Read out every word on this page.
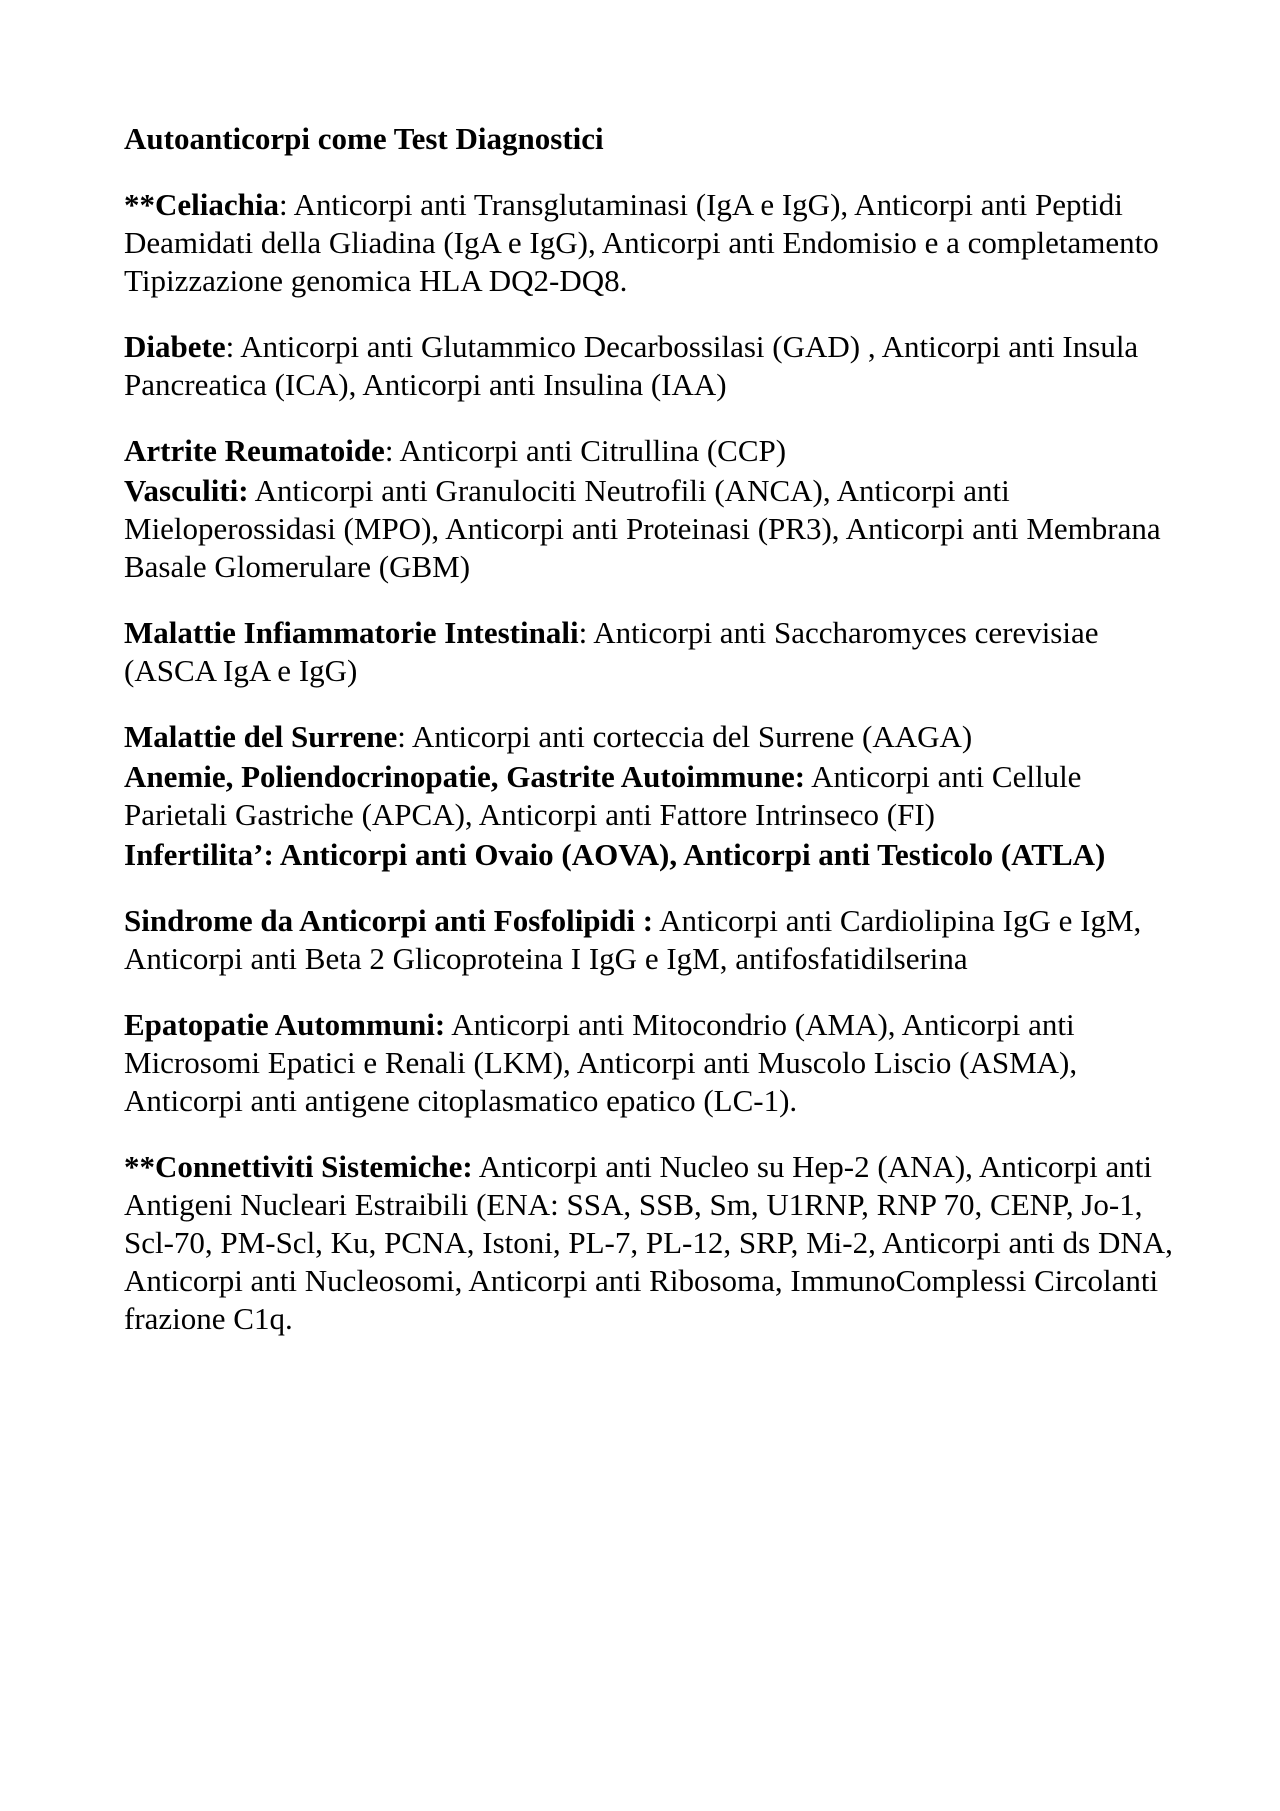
Autoanticorpi come Test Diagnostici

**Celiachia: Anticorpi anti Transglutaminasi (IgA e IgG), Anticorpi anti Peptidi Deamidati della Gliadina (IgA e IgG), Anticorpi anti Endomisio e a completamento Tipizzazione genomica HLA DQ2-DQ8.

Diabete: Anticorpi anti Glutammico Decarbossilasi (GAD) , Anticorpi anti Insula Pancreatica (ICA), Anticorpi anti Insulina (IAA)

Artrite Reumatoide: Anticorpi anti Citrullina (CCP)

Vasculiti: Anticorpi anti Granulociti Neutrofili (ANCA), Anticorpi anti Mieloperossidasi (MPO), Anticorpi anti Proteinasi (PR3), Anticorpi anti Membrana Basale Glomerulare (GBM)

Malattie Infiammatorie Intestinali: Anticorpi anti Saccharomyces cerevisiae (ASCA IgA e IgG)

Malattie del Surrene: Anticorpi anti corteccia del Surrene (AAGA)

Anemie, Poliendocrinopatie, Gastrite Autoimmune: Anticorpi anti Cellule Parietali Gastriche (APCA), Anticorpi anti Fattore Intrinseco (FI)

Infertilita’: Anticorpi anti Ovaio (AOVA), Anticorpi anti Testicolo (ATLA)

Sindrome da Anticorpi anti Fosfolipidi : Anticorpi anti Cardiolipina IgG e IgM, Anticorpi anti Beta 2 Glicoproteina I IgG e IgM, antifosfatidilserina

Epatopatie Autommuni: Anticorpi anti Mitocondrio (AMA), Anticorpi anti Microsomi Epatici e Renali (LKM), Anticorpi anti Muscolo Liscio (ASMA), Anticorpi anti antigene citoplasmatico epatico (LC-1).

**Connettiviti Sistemiche: Anticorpi anti Nucleo su Hep-2 (ANA), Anticorpi anti Antigeni Nucleari Estraibili (ENA: SSA, SSB, Sm, U1RNP, RNP 70, CENP, Jo-1, Scl-70, PM-Scl, Ku, PCNA, Istoni, PL-7, PL-12, SRP, Mi-2, Anticorpi anti ds DNA, Anticorpi anti Nucleosomi, Anticorpi anti Ribosoma, ImmunoComplessi Circolanti frazione C1q.
